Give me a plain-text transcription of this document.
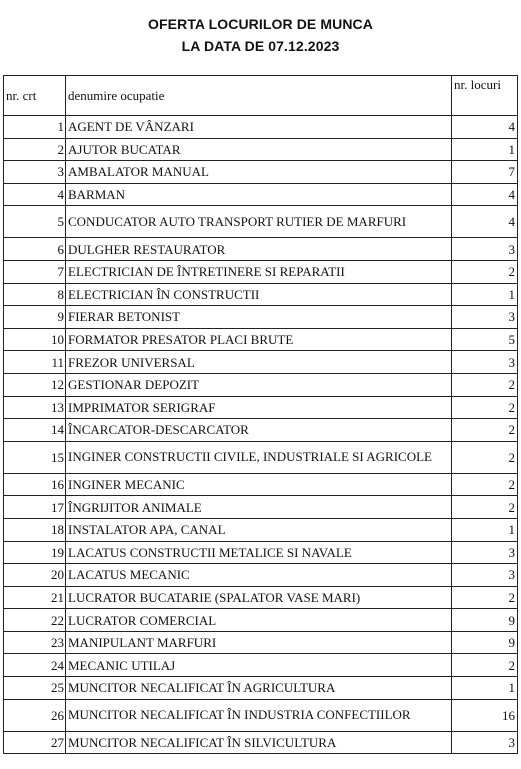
OFERTA LOCURILOR DE MUNCA
LA DATA DE 07.12.2023
nr. crt	denumire ocupatie	nr. locuri
1	AGENT DE VÂNZARI	4
2	AJUTOR BUCATAR	1
3	AMBALATOR MANUAL	7
4	BARMAN	4
5	CONDUCATOR AUTO TRANSPORT RUTIER DE MARFURI	4
6	DULGHER RESTAURATOR	3
7	ELECTRICIAN DE ÎNTRETINERE SI REPARATII	2
8	ELECTRICIAN ÎN CONSTRUCTII	1
9	FIERAR BETONIST	3
10	FORMATOR PRESATOR PLACI BRUTE	5
11	FREZOR UNIVERSAL	3
12	GESTIONAR DEPOZIT	2
13	IMPRIMATOR SERIGRAF	2
14	ÎNCARCATOR-DESCARCATOR	2
15	INGINER CONSTRUCTII CIVILE, INDUSTRIALE SI AGRICOLE	2
16	INGINER MECANIC	2
17	ÎNGRIJITOR ANIMALE	2
18	INSTALATOR APA, CANAL	1
19	LACATUS CONSTRUCTII METALICE SI NAVALE	3
20	LACATUS MECANIC	3
21	LUCRATOR BUCATARIE (SPALATOR VASE MARI)	2
22	LUCRATOR COMERCIAL	9
23	MANIPULANT MARFURI	9
24	MECANIC UTILAJ	2
25	MUNCITOR NECALIFICAT ÎN AGRICULTURA	1
26	MUNCITOR NECALIFICAT ÎN INDUSTRIA CONFECTIILOR	16
27	MUNCITOR NECALIFICAT ÎN SILVICULTURA	3
